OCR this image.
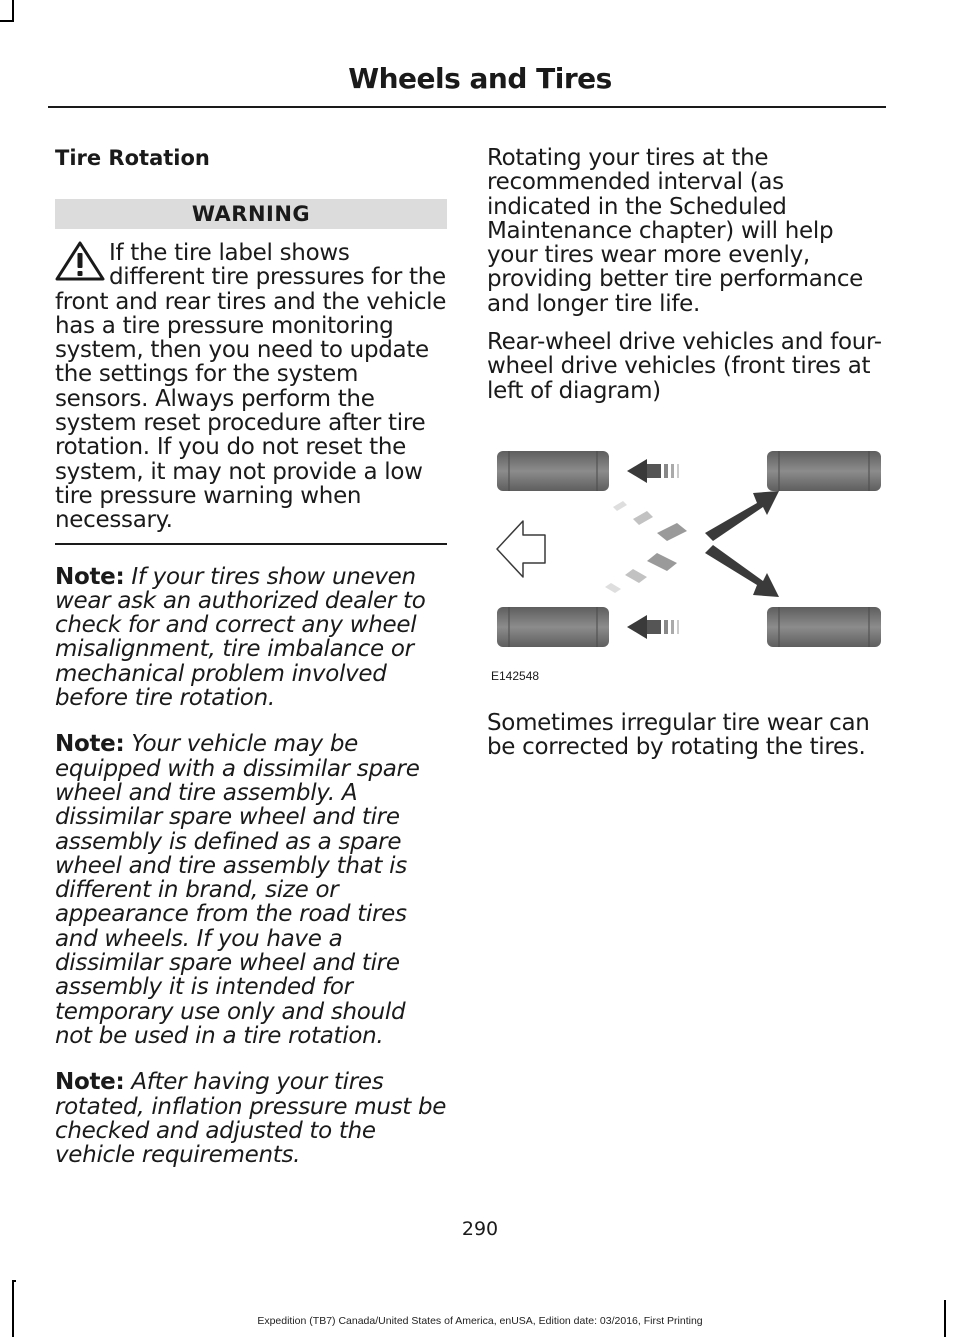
Wheels and Tires
Tire Rotation
WARNING
If the tire label shows different tire pressures for the front and rear tires and the vehicle has a tire pressure monitoring system, then you need to update the settings for the system sensors. Always perform the system reset procedure after tire rotation. If you do not reset the system, it may not provide a low tire pressure warning when necessary.

Note: If your tires show uneven wear ask an authorized dealer to check for and correct any wheel misalignment, tire imbalance or mechanical problem involved before tire rotation.

Note: Your vehicle may be equipped with a dissimilar spare wheel and tire assembly. A dissimilar spare wheel and tire assembly is defined as a spare wheel and tire assembly that is different in brand, size or appearance from the road tires and wheels. If you have a dissimilar spare wheel and tire assembly it is intended for temporary use only and should not be used in a tire rotation.

Note: After having your tires rotated, inflation pressure must be checked and adjusted to the vehicle requirements.

Rotating your tires at the recommended interval (as indicated in the Scheduled Maintenance chapter) will help your tires wear more evenly, providing better tire performance and longer tire life.

Rear-wheel drive vehicles and four-wheel drive vehicles (front tires at left of diagram)

E142548

Sometimes irregular tire wear can be corrected by rotating the tires.

290
Expedition (TB7) Canada/United States of America, enUSA, Edition date: 03/2016, First Printing
